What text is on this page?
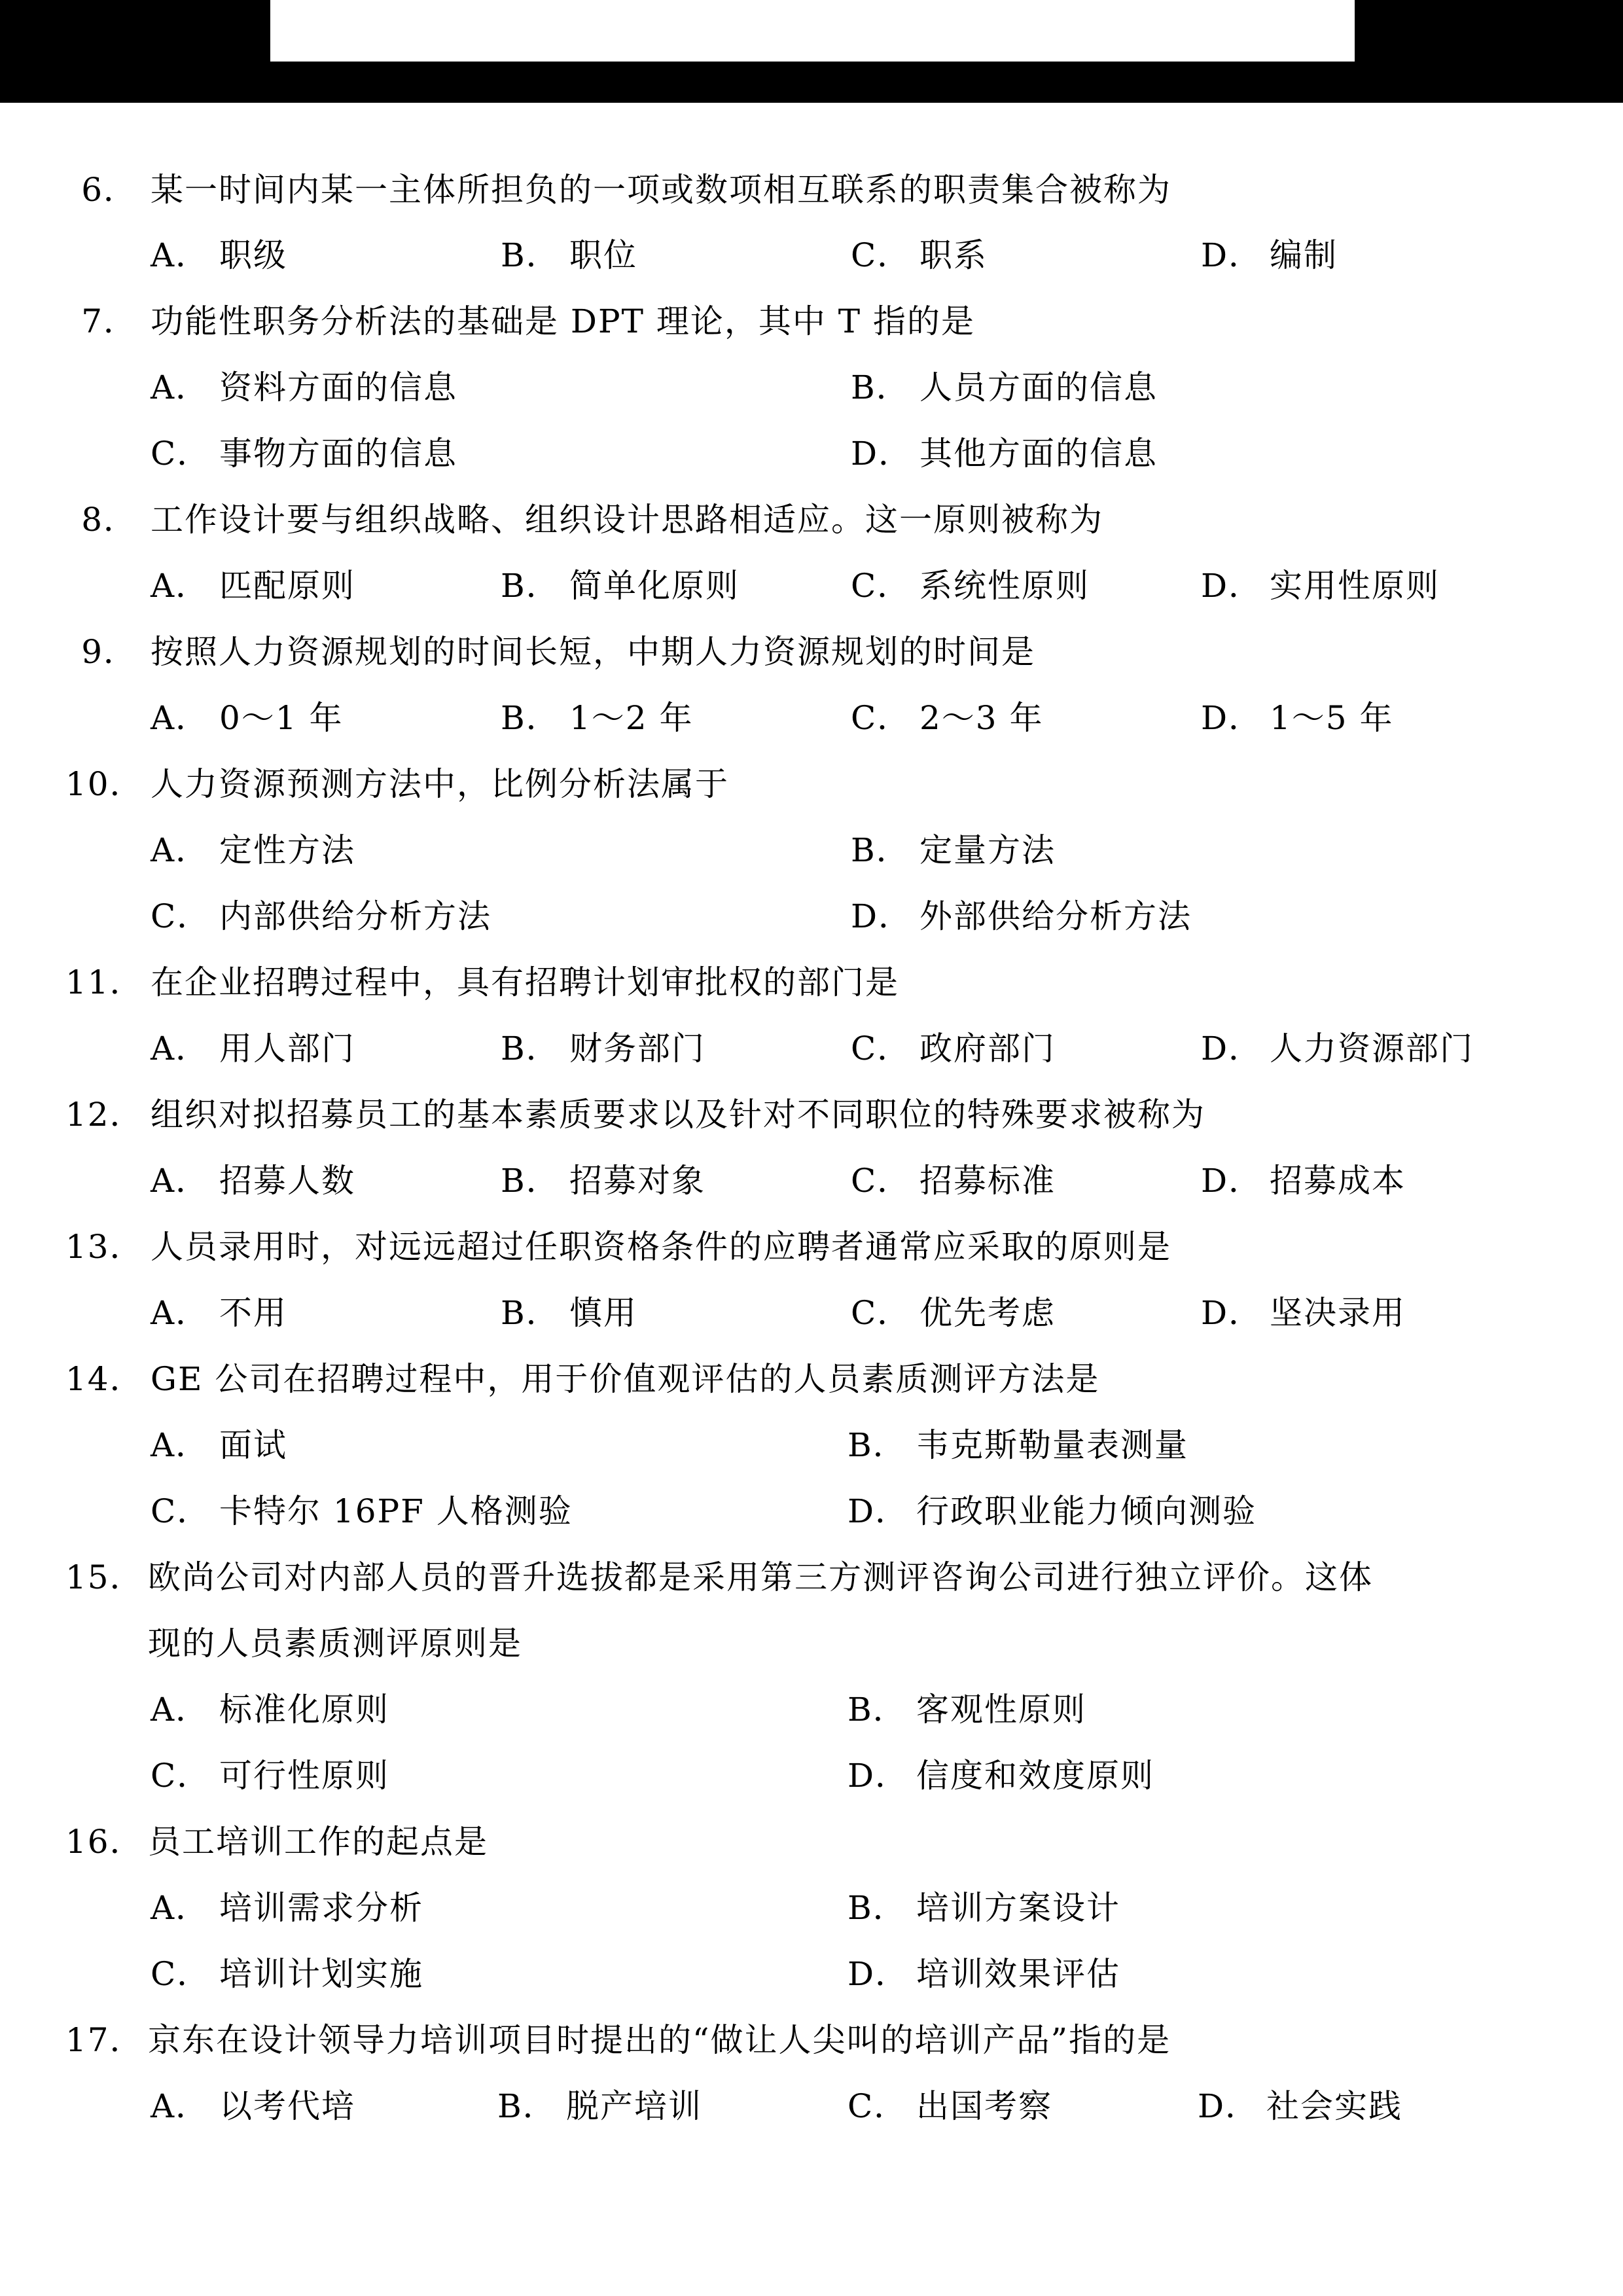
6． 某一时间内某一主体所担负的一项或数项相互联系的职责集合被称为
A． 职级	B． 职位	C． 职系	D． 编制
7． 功能性职务分析法的基础是 DPT 理论，其中 T 指的是
A． 资料方面的信息	B． 人员方面的信息
C． 事物方面的信息	D． 其他方面的信息
8． 工作设计要与组织战略、组织设计思路相适应。这一原则被称为
A． 匹配原则	B． 简单化原则	C． 系统性原则	D． 实用性原则
9． 按照人力资源规划的时间长短，中期人力资源规划的时间是
A． 0～1 年	B． 1～2 年	C． 2～3 年	D． 1～5 年
10． 人力资源预测方法中，比例分析法属于
A． 定性方法	B． 定量方法
C． 内部供给分析方法	D． 外部供给分析方法
11． 在企业招聘过程中，具有招聘计划审批权的部门是
A． 用人部门	B． 财务部门	C． 政府部门	D． 人力资源部门
12． 组织对拟招募员工的基本素质要求以及针对不同职位的特殊要求被称为
A． 招募人数	B． 招募对象	C． 招募标准	D． 招募成本
13． 人员录用时，对远远超过任职资格条件的应聘者通常应采取的原则是
A． 不用	B． 慎用	C． 优先考虑	D． 坚决录用
14． GE 公司在招聘过程中，用于价值观评估的人员素质测评方法是
A． 面试	B． 韦克斯勒量表测量
C． 卡特尔 16PF 人格测验	D． 行政职业能力倾向测验
15． 欧尚公司对内部人员的晋升选拔都是采用第三方测评咨询公司进行独立评价。这体
现的人员素质测评原则是
A． 标准化原则	B． 客观性原则
C． 可行性原则	D． 信度和效度原则
16． 员工培训工作的起点是
A． 培训需求分析	B． 培训方案设计
C． 培训计划实施	D． 培训效果评估
17． 京东在设计领导力培训项目时提出的“做让人尖叫的培训产品”指的是
A． 以考代培	B． 脱产培训	C． 出国考察	D． 社会实践
